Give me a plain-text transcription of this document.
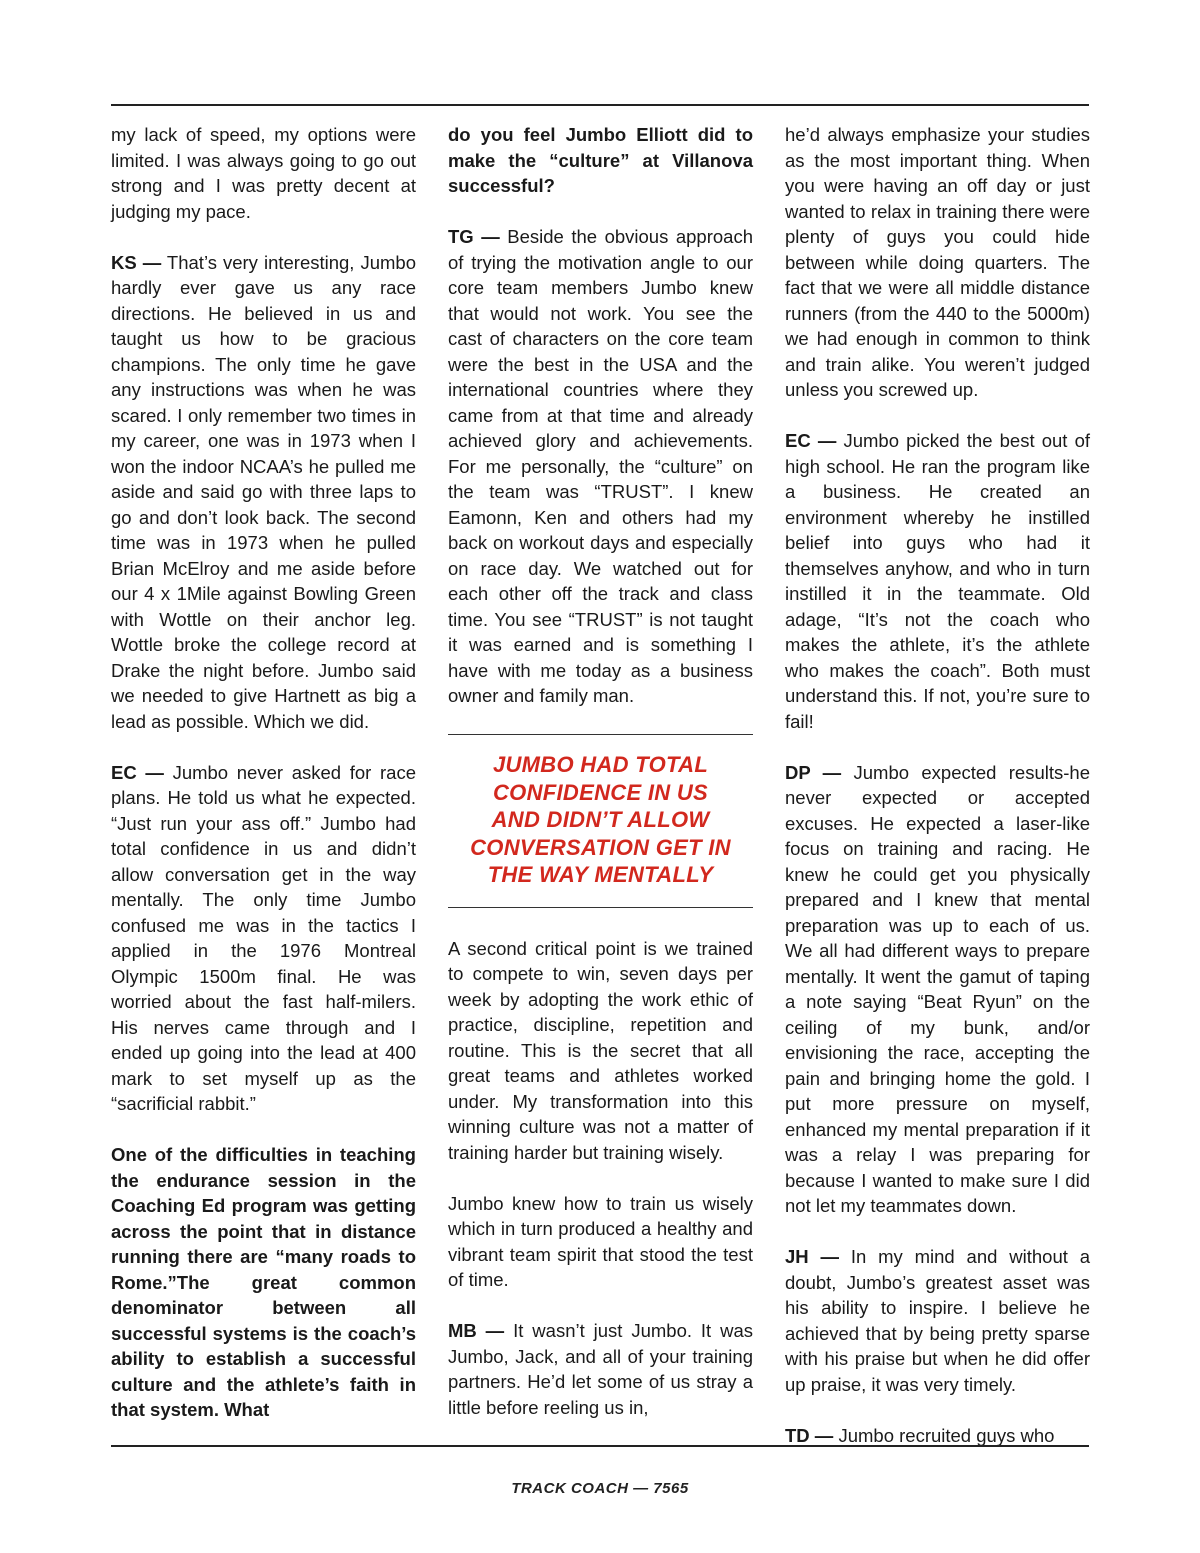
my lack of speed, my options were limited. I was always going to go out strong and I was pretty decent at judging my pace.

KS — That’s very interesting, Jumbo hardly ever gave us any race directions. He believed in us and taught us how to be gracious champions. The only time he gave any instructions was when he was scared. I only remember two times in my career, one was in 1973 when I won the indoor NCAA’s he pulled me aside and said go with three laps to go and don’t look back. The second time was in 1973 when he pulled Brian McElroy and me aside before our 4 x 1Mile against Bowling Green with Wottle on their anchor leg. Wottle broke the college record at Drake the night before. Jumbo said we needed to give Hartnett as big a lead as possible. Which we did.

EC — Jumbo never asked for race plans. He told us what he expected. “Just run your ass off.” Jumbo had total confidence in us and didn’t allow conversation get in the way mentally. The only time Jumbo confused me was in the tactics I applied in the 1976 Montreal Olympic 1500m final. He was worried about the fast half-milers. His nerves came through and I ended up going into the lead at 400 mark to set myself up as the “sacrificial rabbit.”

One of the difficulties in teaching the endurance session in the Coaching Ed program was getting across the point that in distance running there are “many roads to Rome.”The great common denominator between all successful systems is the coach’s ability to establish a successful culture and the athlete’s faith in that system. What

do you feel Jumbo Elliott did to make the “culture” at Villanova successful?

TG — Beside the obvious approach of trying the motivation angle to our core team members Jumbo knew that would not work. You see the cast of characters on the core team were the best in the USA and the international countries where they came from at that time and already achieved glory and achievements. For me personally, the “culture” on the team was “TRUST”. I knew Eamonn, Ken and others had my back on workout days and especially on race day. We watched out for each other off the track and class time. You see “TRUST” is not taught it was earned and is something I have with me today as a business owner and family man.

JUMBO HAD TOTAL
CONFIDENCE IN US
AND DIDN’T ALLOW
CONVERSATION GET IN
THE WAY MENTALLY

A second critical point is we trained to compete to win, seven days per week by adopting the work ethic of practice, discipline, repetition and routine. This is the secret that all great teams and athletes worked under. My transformation into this winning culture was not a matter of training harder but training wisely.

Jumbo knew how to train us wisely which in turn produced a healthy and vibrant team spirit that stood the test of time.

MB — It wasn’t just Jumbo. It was Jumbo, Jack, and all of your training partners. He’d let some of us stray a little before reeling us in,

he’d always emphasize your studies as the most important thing. When you were having an off day or just wanted to relax in training there were plenty of guys you could hide between while doing quarters. The fact that we were all middle distance runners (from the 440 to the 5000m) we had enough in common to think and train alike. You weren’t judged unless you screwed up.

EC — Jumbo picked the best out of high school. He ran the program like a business. He created an environment whereby he instilled belief into guys who had it themselves anyhow, and who in turn instilled it in the teammate. Old adage, “It’s not the coach who makes the athlete, it’s the athlete who makes the coach”. Both must understand this. If not, you’re sure to fail!

DP — Jumbo expected results-he never expected or accepted excuses. He expected a laser-like focus on training and racing. He knew he could get you physically prepared and I knew that mental preparation was up to each of us. We all had different ways to prepare mentally. It went the gamut of taping a note saying “Beat Ryun” on the ceiling of my bunk, and/or envisioning the race, accepting the pain and bringing home the gold. I put more pressure on myself, enhanced my mental preparation if it was a relay I was preparing for because I wanted to make sure I did not let my teammates down.

JH — In my mind and without a doubt, Jumbo’s greatest asset was his ability to inspire. I believe he achieved that by being pretty sparse with his praise but when he did offer up praise, it was very timely.

TD — Jumbo recruited guys who

TRACK COACH — 7565
